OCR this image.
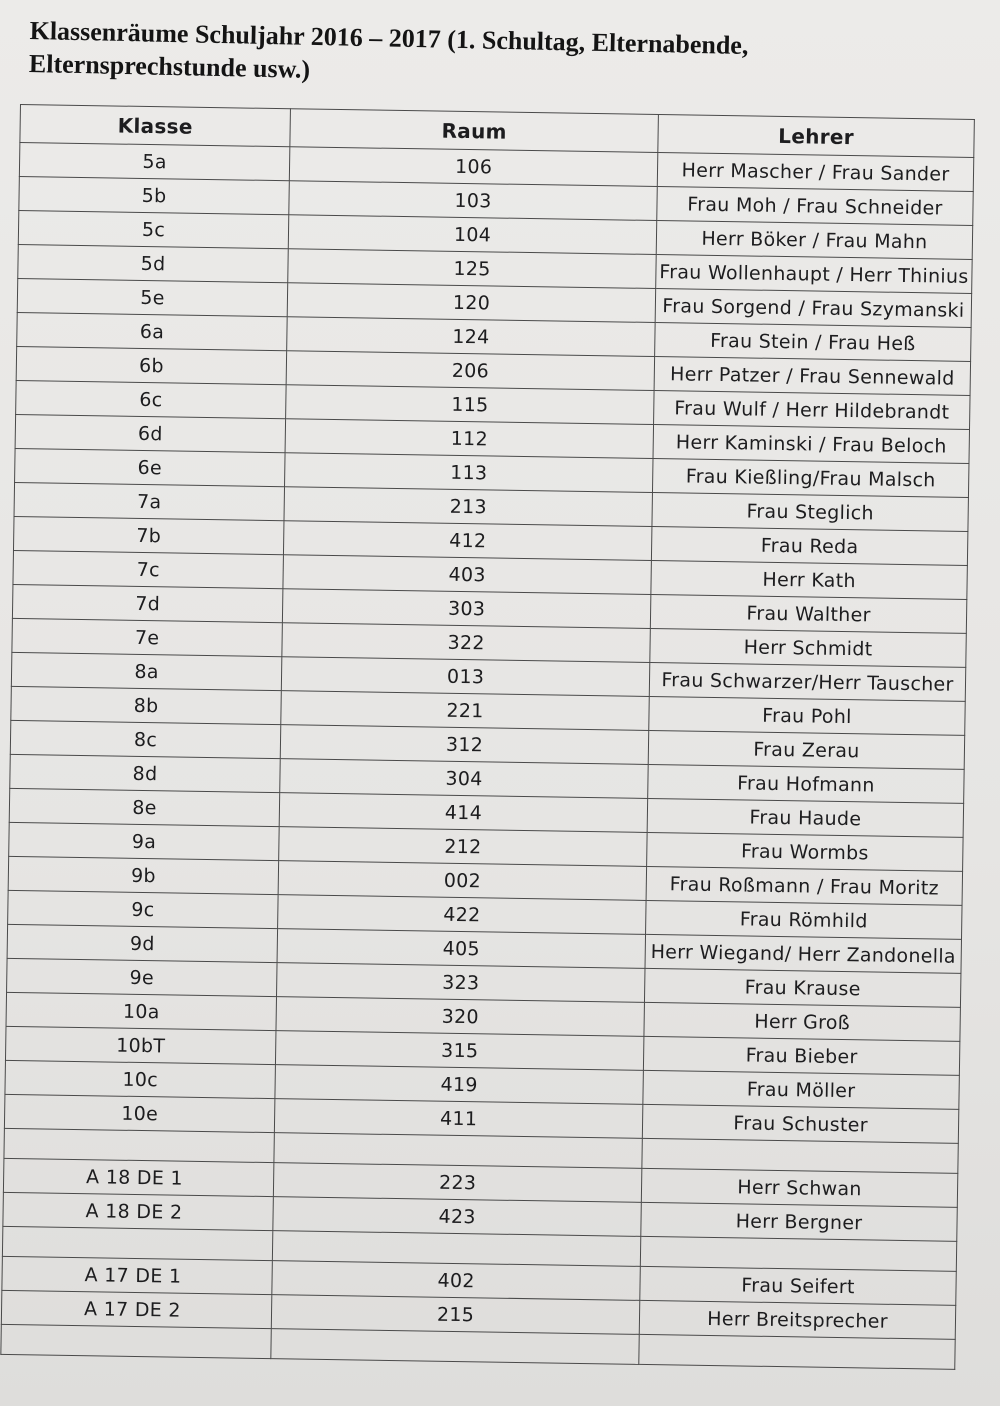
Klassenräume Schuljahr 2016 – 2017 (1. Schultag, Elternabende, Elternsprechstunde usw.)
Klasse	Raum	Lehrer
5a	106	Herr Mascher / Frau Sander
5b	103	Frau Moh / Frau Schneider
5c	104	Herr Böker / Frau Mahn
5d	125	Frau Wollenhaupt / Herr Thinius
5e	120	Frau Sorgend / Frau Szymanski
6a	124	Frau Stein / Frau Heß
6b	206	Herr Patzer / Frau Sennewald
6c	115	Frau Wulf / Herr Hildebrandt
6d	112	Herr Kaminski / Frau Beloch
6e	113	Frau Kießling/Frau Malsch
7a	213	Frau Steglich
7b	412	Frau Reda
7c	403	Herr Kath
7d	303	Frau Walther
7e	322	Herr Schmidt
8a	013	Frau Schwarzer/Herr Tauscher
8b	221	Frau Pohl
8c	312	Frau Zerau
8d	304	Frau Hofmann
8e	414	Frau Haude
9a	212	Frau Wormbs
9b	002	Frau Roßmann / Frau Moritz
9c	422	Frau Römhild
9d	405	Herr Wiegand/ Herr Zandonella
9e	323	Frau Krause
10a	320	Herr Groß
10bT	315	Frau Bieber
10c	419	Frau Möller
10e	411	Frau Schuster

A 18 DE 1	223	Herr Schwan
A 18 DE 2	423	Herr Bergner

A 17 DE 1	402	Frau Seifert
A 17 DE 2	215	Herr Breitsprecher
